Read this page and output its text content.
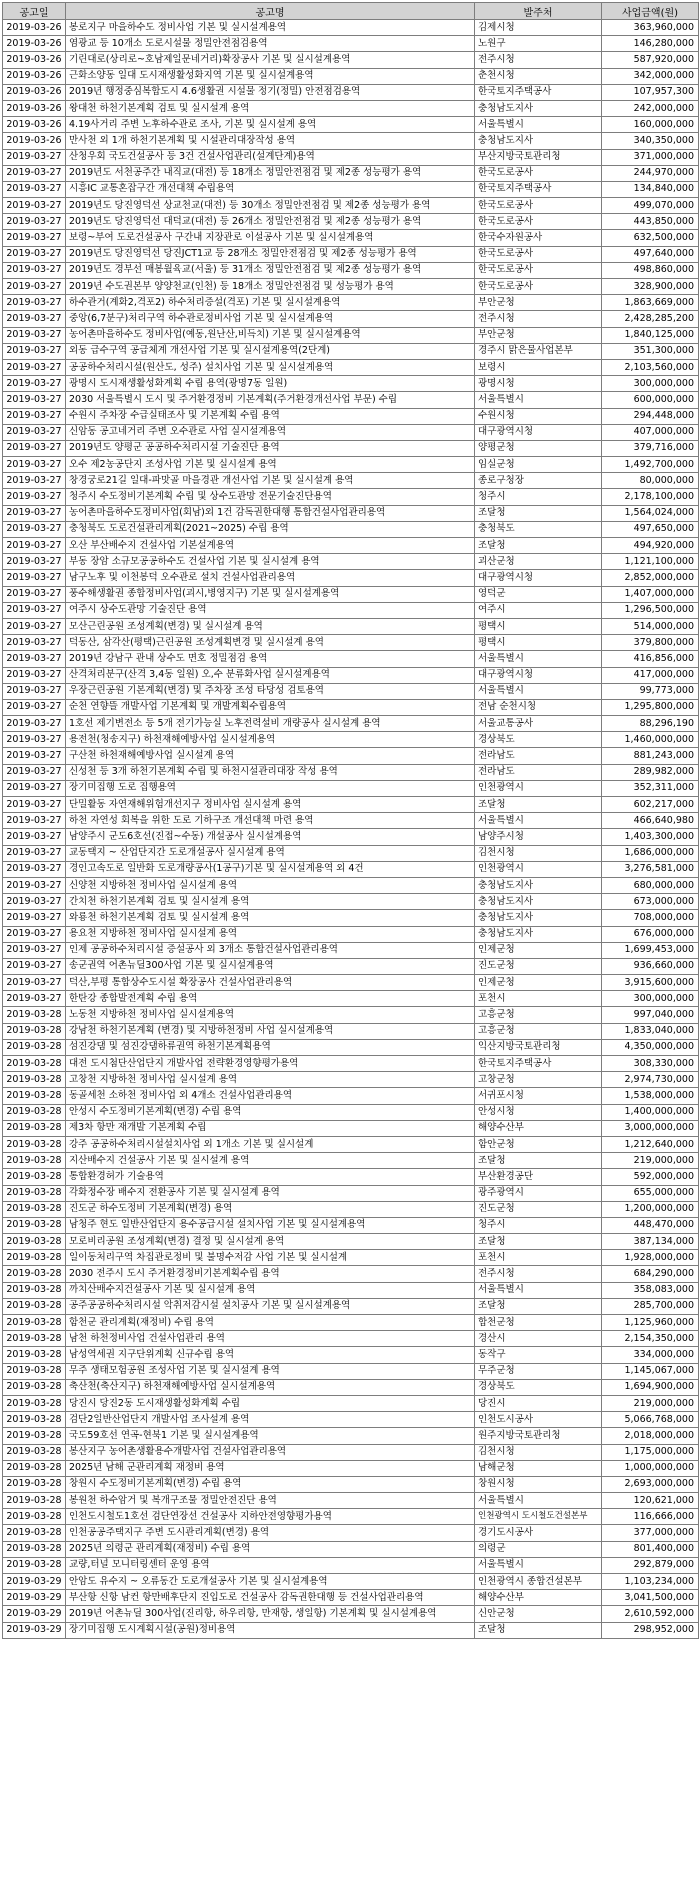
공고일	공고명	발주처	사업금액(원)
2019-03-26	봉로지구 마을하수도 정비사업 기본 및 실시설계용역	김제시청	363,960,000
2019-03-26	염광교 등 10개소 도로시설물 정밀안전점검용역	노원구	146,280,000
2019-03-26	기린대로(상리로~호남제일문네거리)확장공사 기본 및 실시설계용역	전주시청	587,920,000
2019-03-26	근화소양동 일대 도시재생활성화지역 기본 및 실시설계용역	춘천시청	342,000,000
2019-03-26	2019년 행정중심복합도시 4.6생활권 시설물 정기(정밀) 안전점검용역	한국토지주택공사	107,957,300
2019-03-26	왕대천 하천기본계획 검토 및 실시설계 용역	충청남도지사	242,000,000
2019-03-26	4.19사거리 주변 노후하수관로 조사, 기본 및 실시설계 용역	서울특별시	160,000,000
2019-03-26	만사천 외 1개 하천기본계획 및 시설관리대장작성 용역	충청남도지사	340,350,000
2019-03-27	산청우회 국도건설공사 등 3건 건설사업관리(설계단계)용역	부산지방국토관리청	371,000,000
2019-03-27	2019년도 서천공주간 내직교(대전) 등 18개소 정밀안전점검 및 제2종 성능평가 용역	한국도로공사	244,970,000
2019-03-27	시흥IC 교통혼잡구간 개선대책 수립용역	한국토지주택공사	134,840,000
2019-03-27	2019년도 당진영덕선 상교천교(대전) 등 30개소 정밀안전점검 및 제2종 성능평가 용역	한국도로공사	499,070,000
2019-03-27	2019년도 당진영덕선 대덕교(대전) 등 26개소 정밀안전점검 및 제2종 성능평가 용역	한국도로공사	443,850,000
2019-03-27	보령~부여 도로건설공사 구간내 지장관로 이설공사 기본 및 실시설계용역	한국수자원공사	632,500,000
2019-03-27	2019년도 당진영덕선 당진JCT1교 등 28개소 정밀안전점검 및 제2종 성능평가 용역	한국도로공사	497,640,000
2019-03-27	2019년도 경부선 매봉월육교(서울) 등 31개소 정밀안전점검 및 제2종 성능평가 용역	한국도로공사	498,860,000
2019-03-27	2019년 수도권본부 양양천교(인천) 등 18개소 정밀안전점검 및 성능평가 용역	한국도로공사	328,900,000
2019-03-27	하수관거(계화2,격포2) 하수처리증설(격포) 기본 및 실시설계용역	부안군청	1,863,669,000
2019-03-27	중앙(6,7분구)처리구역 하수관로정비사업 기본 및 실시설계용역	전주시청	2,428,285,200
2019-03-27	농어촌마을하수도 정비사업(예동,원난산,비득치) 기본 및 실시설계용역	부안군청	1,840,125,000
2019-03-27	외동 급수구역 공급체계 개선사업 기본 및 실시설계용역(2단계)	경주시 맑은물사업본부	351,300,000
2019-03-27	공공하수처리시설(원산도, 성주) 설치사업 기본 및 실시설계용역	보령시	2,103,560,000
2019-03-27	광명시 도시재생활성화계획 수립 용역(광명7동 일원)	광명시청	300,000,000
2019-03-27	2030 서울특별시 도시 및 주거환경정비 기본계획(주거환경개선사업 부문) 수립	서울특별시	600,000,000
2019-03-27	수원시 주차장 수급실태조사 및 기본계획 수립 용역	수원시청	294,448,000
2019-03-27	신암동 공고네거리 주변 오수관로 사업 실시설계용역	대구광역시청	407,000,000
2019-03-27	2019년도 양평군 공공하수처리시설 기술진단 용역	양평군청	379,716,000
2019-03-27	오수 제2농공단지 조성사업 기본 및 실시설계 용역	임실군청	1,492,700,000
2019-03-27	창경궁로21길 일대-파맛골 마을경관 개선사업 기본 및 실시설계 용역	종로구청장	80,000,000
2019-03-27	청주시 수도정비기본계획 수립 및 상수도관망 전문기술진단용역	청주시	2,178,100,000
2019-03-27	농어촌마을하수도정비사업(회남)외 1건 감독권한대행 통합건설사업관리용역	조달청	1,564,024,000
2019-03-27	충청북도 도로건설관리계획(2021~2025) 수립 용역	충청북도	497,650,000
2019-03-27	오산 부산배수지 건설사업 기본설계용역	조달청	494,920,000
2019-03-27	부동 장암 소규모공공하수도 건설사업 기본 및 실시설계 용역	괴산군청	1,121,100,000
2019-03-27	남구노후 및 이천봉덕 오수관로 설치 건설사업관리용역	대구광역시청	2,852,000,000
2019-03-27	풍수해생활권 종합정비사업(괴시,병영지구) 기본 및 실시설계용역	영덕군	1,407,000,000
2019-03-27	여주시 상수도관망 기술진단 용역	여주시	1,296,500,000
2019-03-27	모산근린공원 조성계획(변경) 및 실시설계 용역	평택시	514,000,000
2019-03-27	덕동산, 삼각산(평택)근린공원 조성계획변경 및 실시설계 용역	평택시	379,800,000
2019-03-27	2019년 강남구 관내 상수도 면호 정밀점검 용역	서울특별시	416,856,000
2019-03-27	산격처리분구(산격 3,4동 일원) 오,수 분류화사업 실시설계용역	대구광역시청	417,000,000
2019-03-27	우장근린공원 기본계획(변경) 및 주차장 조성 타당성 검토용역	서울특별시	99,773,000
2019-03-27	순천 연향뜰 개발사업 기본계획 및 개발계획수립용역	전남 순천시청	1,295,800,000
2019-03-27	1호선 제기변전소 등 5개 전기가능실 노후전력설비 개량공사 실시설계 용역	서울교통공사	88,296,190
2019-03-27	용전천(청송지구) 하천재해예방사업 실시설계용역	경상북도	1,460,000,000
2019-03-27	구산천 하천재해예방사업 실시설계 용역	전라남도	881,243,000
2019-03-27	신성천 등 3개 하천기본계획 수립 및 하천시설관리대장 작성 용역	전라남도	289,982,000
2019-03-27	장기미집행 도로 집행용역	인천광역시	352,311,000
2019-03-27	단밀활동 자연재해위험개선지구 정비사업 실시설계 용역	조달청	602,217,000
2019-03-27	하천 자연성 회복을 위한 도로 기하구조 개선대책 마련 용역	서울특별시	466,640,980
2019-03-27	남양주시 군도6호선(진접~수동) 개설공사 실시설계용역	남양주시청	1,403,300,000
2019-03-27	교동택지 ~ 산업단지간 도로개설공사 실시설계 용역	김천시청	1,686,000,000
2019-03-27	경인고속도로 일반화 도로개량공사(1공구)기본 및 실시설계용역 외 4건	인천광역시	3,276,581,000
2019-03-27	신양천 지방하천 정비사업 실시설계 용역	충청남도지사	680,000,000
2019-03-27	간치천 하천기본계획 검토 및 실시설계 용역	충청남도지사	673,000,000
2019-03-27	와룡천 하천기본계획 검토 및 실시설계 용역	충청남도지사	708,000,000
2019-03-27	용요천 지방하천 정비사업 실시설계 용역	충청남도지사	676,000,000
2019-03-27	인제 공공하수처리시설 증설공사 외 3개소 통합건설사업관리용역	인제군청	1,699,453,000
2019-03-27	송군권역 어촌뉴딜300사업 기본 및 실시설계용역	진도군청	936,660,000
2019-03-27	덕산,부평 통합상수도시설 확장공사 건설사업관리용역	인제군청	3,915,600,000
2019-03-27	한탄강 종합발전계획 수립 용역	포천시	300,000,000
2019-03-28	노동천 지방하천 정비사업 실시설계용역	고흥군청	997,040,000
2019-03-28	강남천 하천기본계획 (변경) 및 지방하천정비 사업 실시설계용역	고흥군청	1,833,040,000
2019-03-28	섬진강댐 및 섬진강댐하류권역 하천기본계획용역	익산지방국토관리청	4,350,000,000
2019-03-28	대전 도시첨단산업단지 개발사업 전략환경영향평가용역	한국토지주택공사	308,330,000
2019-03-28	고창천 지방하천 정비사업 실시설계 용역	고창군청	2,974,730,000
2019-03-28	동골세천 소하천 정비사업 외 4개소 건설사업관리용역	서귀포시청	1,538,000,000
2019-03-28	안성시 수도정비기본계획(변경) 수립 용역	안성시청	1,400,000,000
2019-03-28	제3차 항만 재개발 기본계획 수립	해양수산부	3,000,000,000
2019-03-28	강주 공공하수처리시설설치사업 외 1개소 기본 및 실시설계	함안군청	1,212,640,000
2019-03-28	지산배수지 건설공사 기본 및 실시설계 용역	조달청	219,000,000
2019-03-28	통합환경허가 기술용역	부산환경공단	592,000,000
2019-03-28	각화정수장 배수지 전환공사 기본 및 실시설계 용역	광주광역시	655,000,000
2019-03-28	진도군 하수도정비 기본계획(변경) 용역	진도군청	1,200,000,000
2019-03-28	남청주 현도 일반산업단지 용수공급시설 설치사업 기본 및 실시설계용역	청주시	448,470,000
2019-03-28	모로비리공원 조성계획(변경) 결정 및 실시설계 용역	조달청	387,134,000
2019-03-28	일이동처리구역 차집관로정비 및 불명수저감 사업 기본 및 실시설계	포천시	1,928,000,000
2019-03-28	2030 전주시 도시 주거환경정비기본계획수립 용역	전주시청	684,290,000
2019-03-28	까치산배수지건설공사 기본 및 실시설계 용역	서울특별시	358,083,000
2019-03-28	공주공공하수처리시설 악취저감시설 설치공사 기본 및 실시설계용역	조달청	285,700,000
2019-03-28	함천군 관리계획(재정비) 수립 용역	합천군청	1,125,960,000
2019-03-28	남천 하천정비사업 건설사업관리 용역	경산시	2,154,350,000
2019-03-28	남성역세권 지구단위계획 신규수립 용역	동작구	334,000,000
2019-03-28	무주 생태모험공원 조성사업 기본 및 실시설계 용역	무주군청	1,145,067,000
2019-03-28	축산천(축산지구) 하천재해예방사업 실시설계용역	경상북도	1,694,900,000
2019-03-28	당진시 당진2동 도시재생활성화계획 수립	당진시	219,000,000
2019-03-28	검단2일반산업단지 개발사업 조사설계 용역	인천도시공사	5,066,768,000
2019-03-28	국도59호선 연곡-현북1 기본 및 실시설계용역	원주지방국토관리청	2,018,000,000
2019-03-28	봉산지구 농어촌생활용수개발사업 건설사업관리용역	김천시청	1,175,000,000
2019-03-28	2025년 남해 군관리계획 재정비 용역	남해군청	1,000,000,000
2019-03-28	창원시 수도정비기본계획(변경) 수립 용역	창원시청	2,693,000,000
2019-03-28	봉원천 하수암거 및 복개구조물 정밀안전진단 용역	서울특별시	120,621,000
2019-03-28	인천도시철도1호선 검단연장선 건설공사 지하안전영향평가용역	인천광역시 도시철도건설본부	116,666,000
2019-03-28	인천공공주택지구 주변 도시관리계획(변경) 용역	경기도시공사	377,000,000
2019-03-28	2025년 의령군 관리계획(재정비) 수립 용역	의령군	801,400,000
2019-03-28	교량,터널 모니터링센터 운영 용역	서울특별시	292,879,000
2019-03-29	안암도 유수지 ~ 오류동간 도로개설공사 기본 및 실시설계용역	인천광역시 종합건설본부	1,103,234,000
2019-03-29	부산항 신항 남컨 항만배후단지 진입도로 건설공사 감독권한대행 등 건설사업관리용역	해양수산부	3,041,500,000
2019-03-29	2019년 어촌뉴딜 300사업(진리항, 하우리항, 만재항, 생일항) 기본계획 및 실시설계용역	신안군청	2,610,592,000
2019-03-29	장기미집행 도시계획시설(공원)정비용역	조달청	298,952,000
